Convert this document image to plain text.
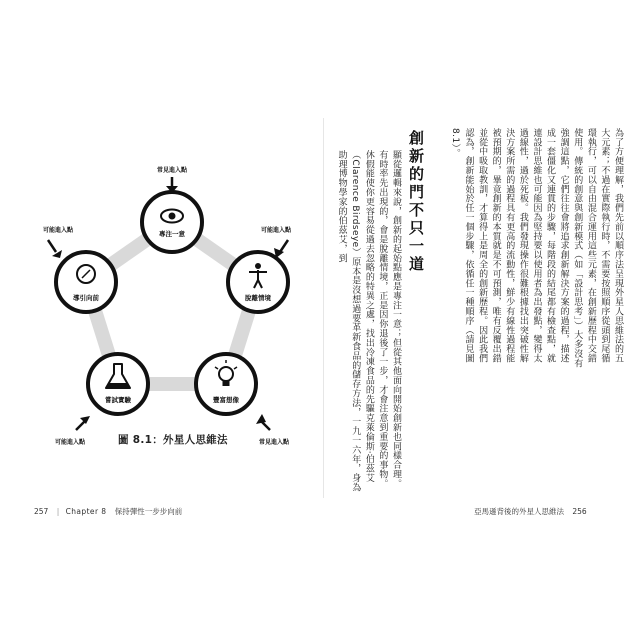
專注一意
脫離情境
豐富想像
嘗試實驗
導引向前
常見進入點
可能進入點
常見進入點
可能進入點
可能進入點
圖 8.1：外星人思維法
為了方便理解，我們先前以順序法呈現外星人思維法的五大元素；不過在實際執行時，不需要按照順序從頭到尾循環執行，可以自由混合運用這些元素，在創新歷程中交錯使用。傳統的創意與創新模式（如「設計思考」）大多沒有強調這點，它們往往會將追求創新解決方案的過程，描述成一套僵化又連貫的步驟，每階段的結尾都有檢查點，就連設計思維也可能因為堅持要以使用者為出發點，變得太過線性，過於死板。我們發現操作很難根據找出突破性解決方案所需的過程具有更高的流動性，鮮少有線性過程能被預期的，畢竟創新的本質就是不可預測，唯有反覆出錯並從中吸取教訓，才算得上是周全的創新歷程。因此我們認為，創新能始於任一個步驟，依循任一種順序（請見圖 8.1）。
創新的門不只一道
顯從邏輯來說，創新的起始點應是專注一意；但從其他面向開始創新也同樣合理。有時率先出現的，會是脫離情境，正是因你退後了一步，才會注意到重要的事物。休假能使你更容易從過去忽略的特異之處，找出冷凍食品的先驅克萊倫斯·伯茲艾（Clarence Birdseye）原本是沒想過要革新食品的儲存方法，一九一六年，身為助理博物學家的伯茲艾，到
257 | Chapter 8 保持彈性一步步向前	亞馬遜背後的外星人思維法 256
